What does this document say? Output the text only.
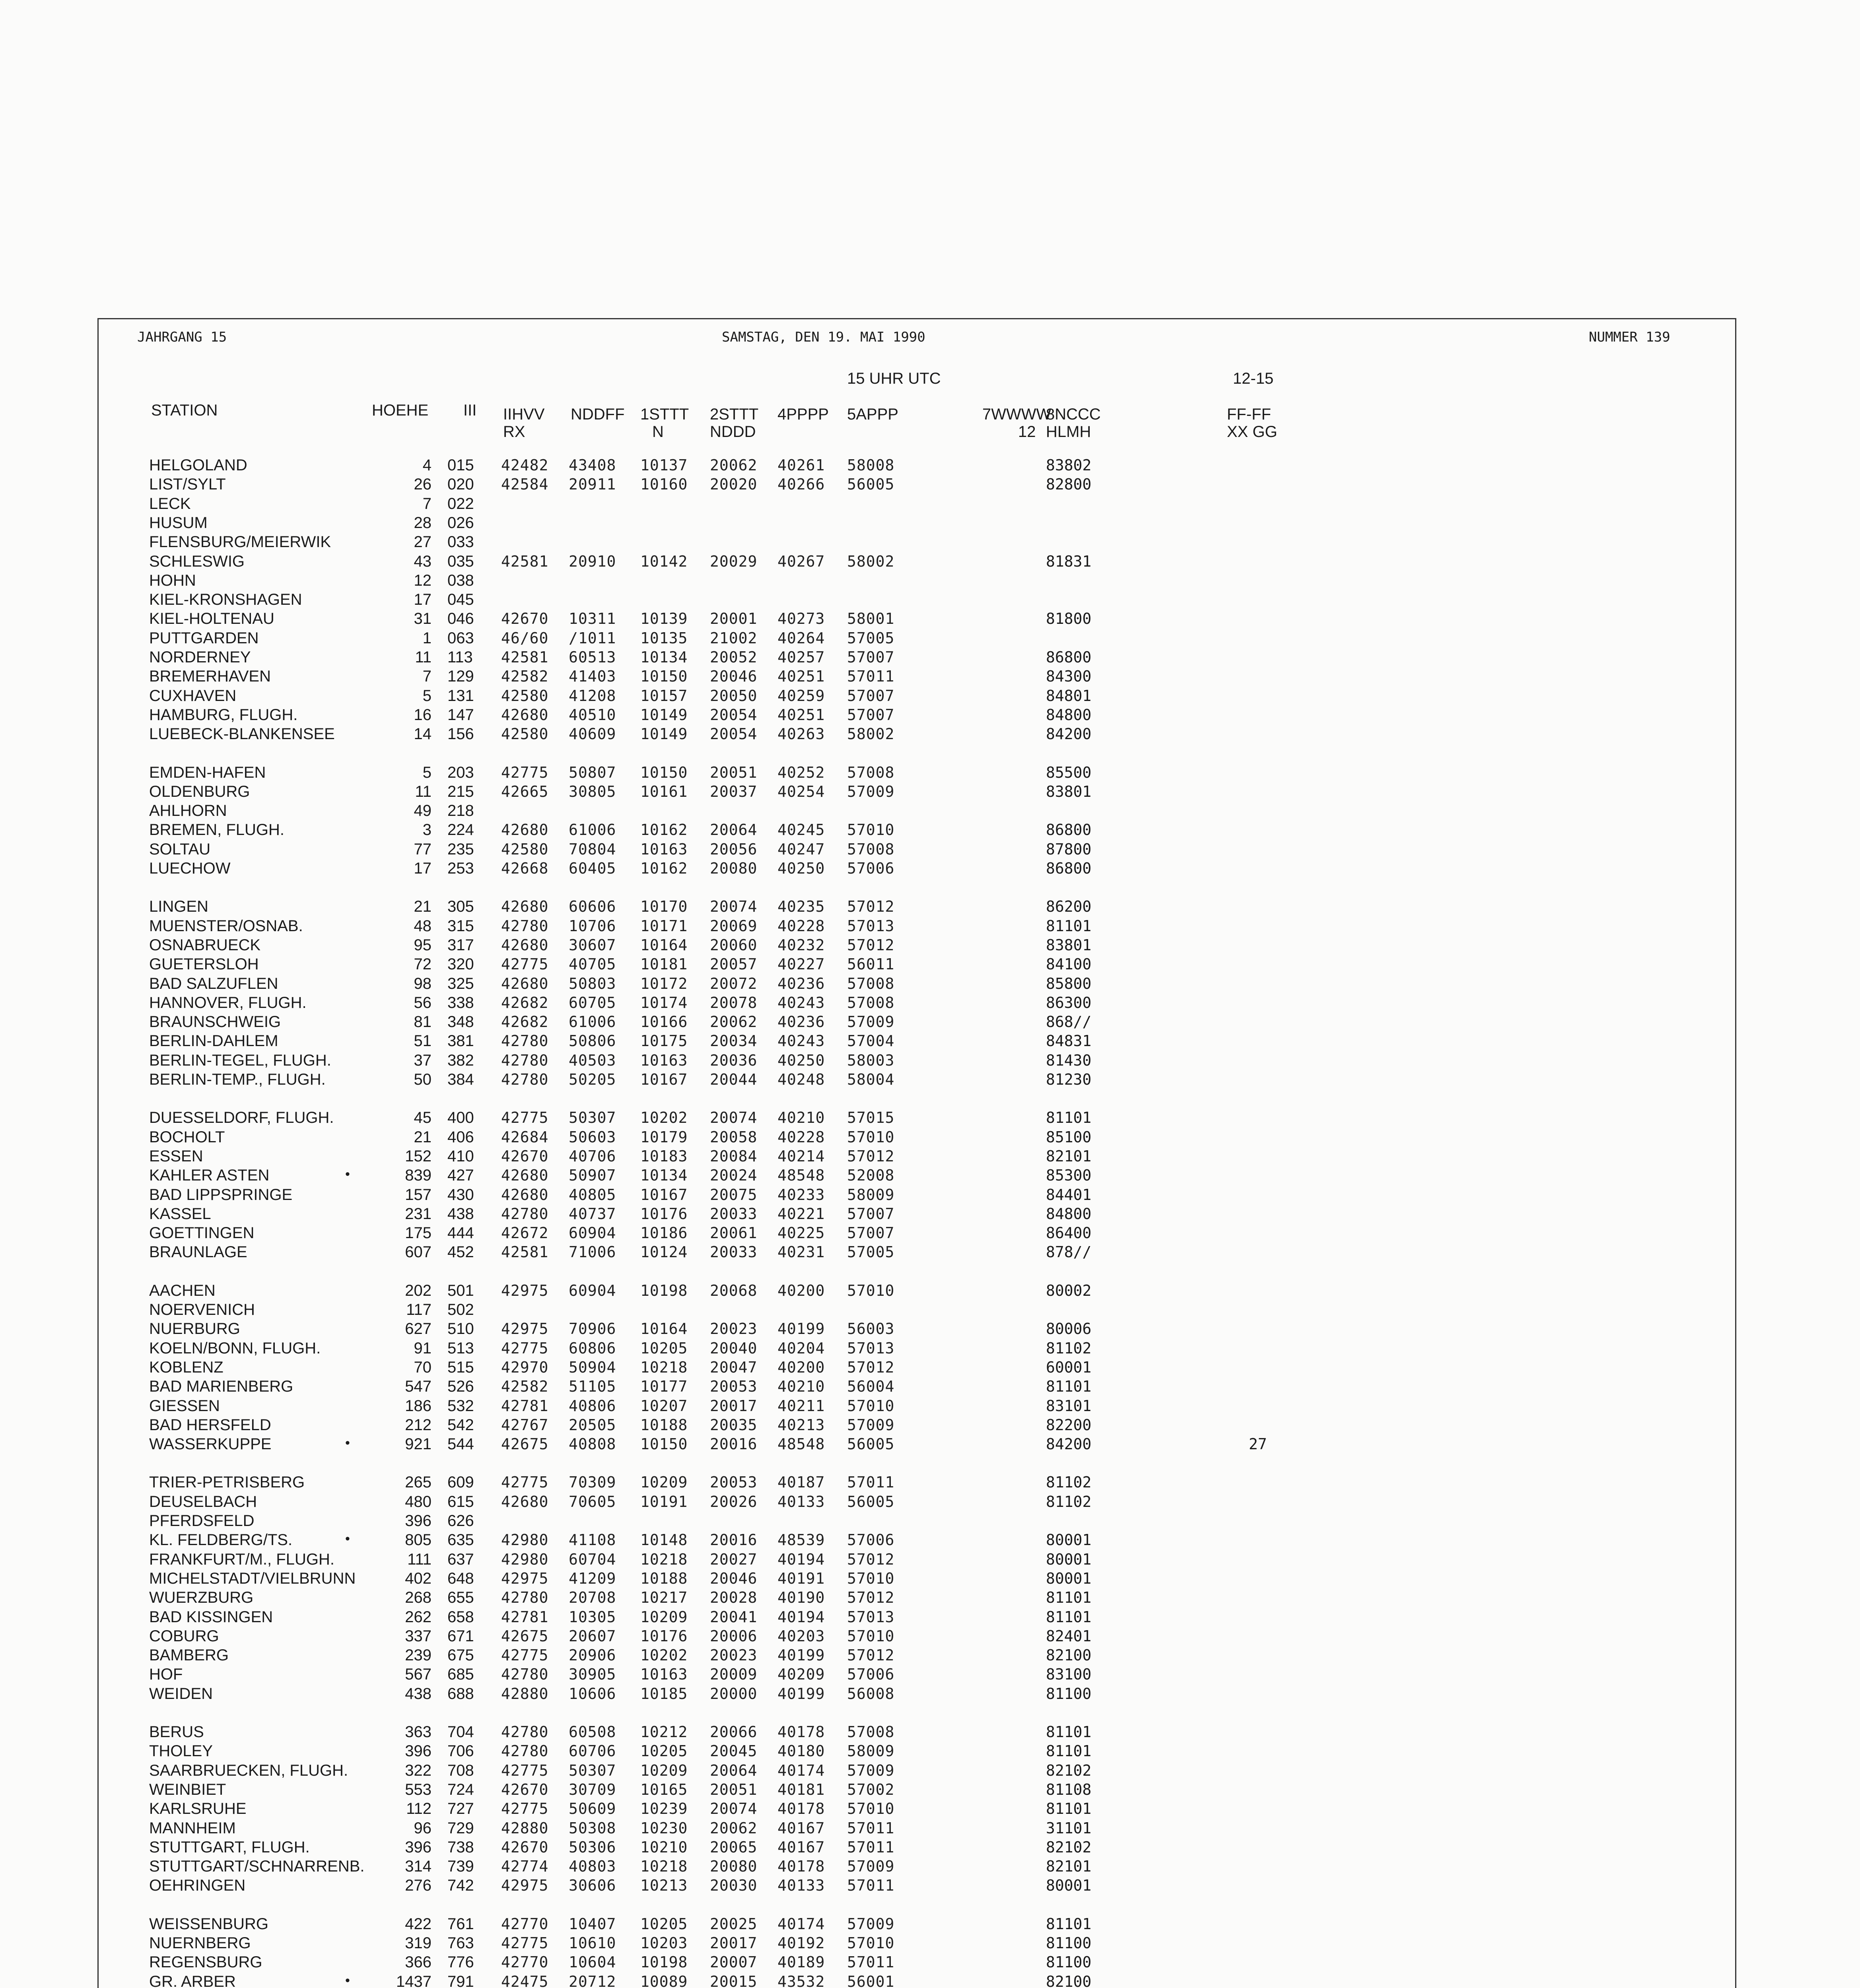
JAHRGANG 15	SAMSTAG, DEN 19. MAI 1990	NUMMER 139
15 UHR UTC	12-15
STATION	HOEHE III IIHVV
RX
NDDFF 1STTT
N
2STTT
NDDD
4PPPP 5APPP	7WWWW
12
8NCCC
HLMH
FF-FF
XX GG
HELGOLAND	4 015 42482 43408 10137 20062 40261 58008	83802
LIST/SYLT	26 020 42584 20911 10160 20020 40266 56005	82800
LECK	7 022
HUSUM	28 026
FLENSBURG/MEIERWIK	27 033
SCHLESWIG	43 035 42581 20910 10142 20029 40267 58002	81831
HOHN	12 038
KIEL-KRONSHAGEN	17 045
KIEL-HOLTENAU	31 046 42670 10311 10139 20001 40273 58001	81800
PUTTGARDEN	1 063 46/60 /1011 10135 21002 40264 57005
NORDERNEY	11 113 42581 60513 10134 20052 40257 57007	86800
BREMERHAVEN	7 129 42582 41403 10150 20046 40251 57011	84300
CUXHAVEN	5 131 42580 41208 10157 20050 40259 57007	84801
HAMBURG, FLUGH.	16 147 42680 40510 10149 20054 40251 57007	84800
LUEBECK-BLANKENSEE	14 156 42580 40609 10149 20054 40263 58002	84200
EMDEN-HAFEN	5 203 42775 50807 10150 20051 40252 57008	85500
OLDENBURG	11 215 42665 30805 10161 20037 40254 57009	83801
AHLHORN	49 218
BREMEN, FLUGH.	3 224 42680 61006 10162 20064 40245 57010	86800
SOLTAU	77 235 42580 70804 10163 20056 40247 57008	87800
LUECHOW	17 253 42668 60405 10162 20080 40250 57006	86800
LINGEN	21 305 42680 60606 10170 20074 40235 57012	86200
MUENSTER/OSNAB.	48 315 42780 10706 10171 20069 40228 57013	81101
OSNABRUECK	95 317 42680 30607 10164 20060 40232 57012	83801
GUETERSLOH	72 320 42775 40705 10181 20057 40227 56011	84100
BAD SALZUFLEN	98 325 42680 50803 10172 20072 40236 57008	85800
HANNOVER, FLUGH.	56 338 42682 60705 10174 20078 40243 57008	86300
BRAUNSCHWEIG	81 348 42682 61006 10166 20062 40236 57009	868//
BERLIN-DAHLEM	51 381 42780 50806 10175 20034 40243 57004	84831
BERLIN-TEGEL, FLUGH.	37 382 42780 40503 10163 20036 40250 58003	81430
BERLIN-TEMP., FLUGH.	50 384 42780 50205 10167 20044 40248 58004	81230
DUESSELDORF, FLUGH.	45 400 42775 50307 10202 20074 40210 57015	81101
BOCHOLT	21 406 42684 50603 10179 20058 40228 57010	85100
ESSEN	152 410 42670 40706 10183 20084 40214 57012	82101
KAHLER ASTEN	•	839 427 42680 50907 10134 20024 48548 52008	85300
BAD LIPPSPRINGE	157 430 42680 40805 10167 20075 40233 58009	84401
KASSEL	231 438 42780 40737 10176 20033 40221 57007	84800
GOETTINGEN	175 444 42672 60904 10186 20061 40225 57007	86400
BRAUNLAGE	607 452 42581 71006 10124 20033 40231 57005	878//
AACHEN	202 501 42975 60904 10198 20068 40200 57010	80002
NOERVENICH	117 502
NUERBURG	627 510 42975 70906 10164 20023 40199 56003	80006
KOELN/BONN, FLUGH.	91 513 42775 60806 10205 20040 40204 57013	81102
KOBLENZ	70 515 42970 50904 10218 20047 40200 57012	60001
BAD MARIENBERG	547 526 42582 51105 10177 20053 40210 56004	81101
GIESSEN	186 532 42781 40806 10207 20017 40211 57010	83101
BAD HERSFELD	212 542 42767 20505 10188 20035 40213 57009	82200
WASSERKUPPE	•	921 544 42675 40808 10150 20016 48548 56005	84200	27
TRIER-PETRISBERG	265 609 42775 70309 10209 20053 40187 57011	81102
DEUSELBACH	480 615 42680 70605 10191 20026 40133 56005	81102
PFERDSFELD	396 626
KL. FELDBERG/TS.	•	805 635 42980 41108 10148 20016 48539 57006	80001
FRANKFURT/M., FLUGH.	111 637 42980 60704 10218 20027 40194 57012	80001
MICHELSTADT/VIELBRUNN	402 648 42975 41209 10188 20046 40191 57010	80001
WUERZBURG	268 655 42780 20708 10217 20028 40190 57012	81101
BAD KISSINGEN	262 658 42781 10305 10209 20041 40194 57013	81101
COBURG	337 671 42675 20607 10176 20006 40203 57010	82401
BAMBERG	239 675 42775 20906 10202 20023 40199 57012	82100
HOF	567 685 42780 30905 10163 20009 40209 57006	83100
WEIDEN	438 688 42880 10606 10185 20000 40199 56008	81100
BERUS	363 704 42780 60508 10212 20066 40178 57008	81101
THOLEY	396 706 42780 60706 10205 20045 40180 58009	81101
SAARBRUECKEN, FLUGH.	322 708 42775 50307 10209 20064 40174 57009	82102
WEINBIET	553 724 42670 30709 10165 20051 40181 57002	81108
KARLSRUHE	112 727 42775 50609 10239 20074 40178 57010	81101
MANNHEIM	96 729 42880 50308 10230 20062 40167 57011	31101
STUTTGART, FLUGH.	396 738 42670 50306 10210 20065 40167 57011	82102
STUTTGART/SCHNARRENB.	314 739 42774 40803 10218 20080 40178 57009	82101
OEHRINGEN	276 742 42975 30606 10213 20030 40133 57011	80001
WEISSENBURG	422 761 42770 10407 10205 20025 40174 57009	81101
NUERNBERG	319 763 42775 10610 10203 20017 40192 57010	81100
REGENSBURG	366 776 42770 10604 10198 20007 40189 57011	81100
GR. ARBER	•	1437 791 42475 20712 10089 20015 43532 56001	82100
